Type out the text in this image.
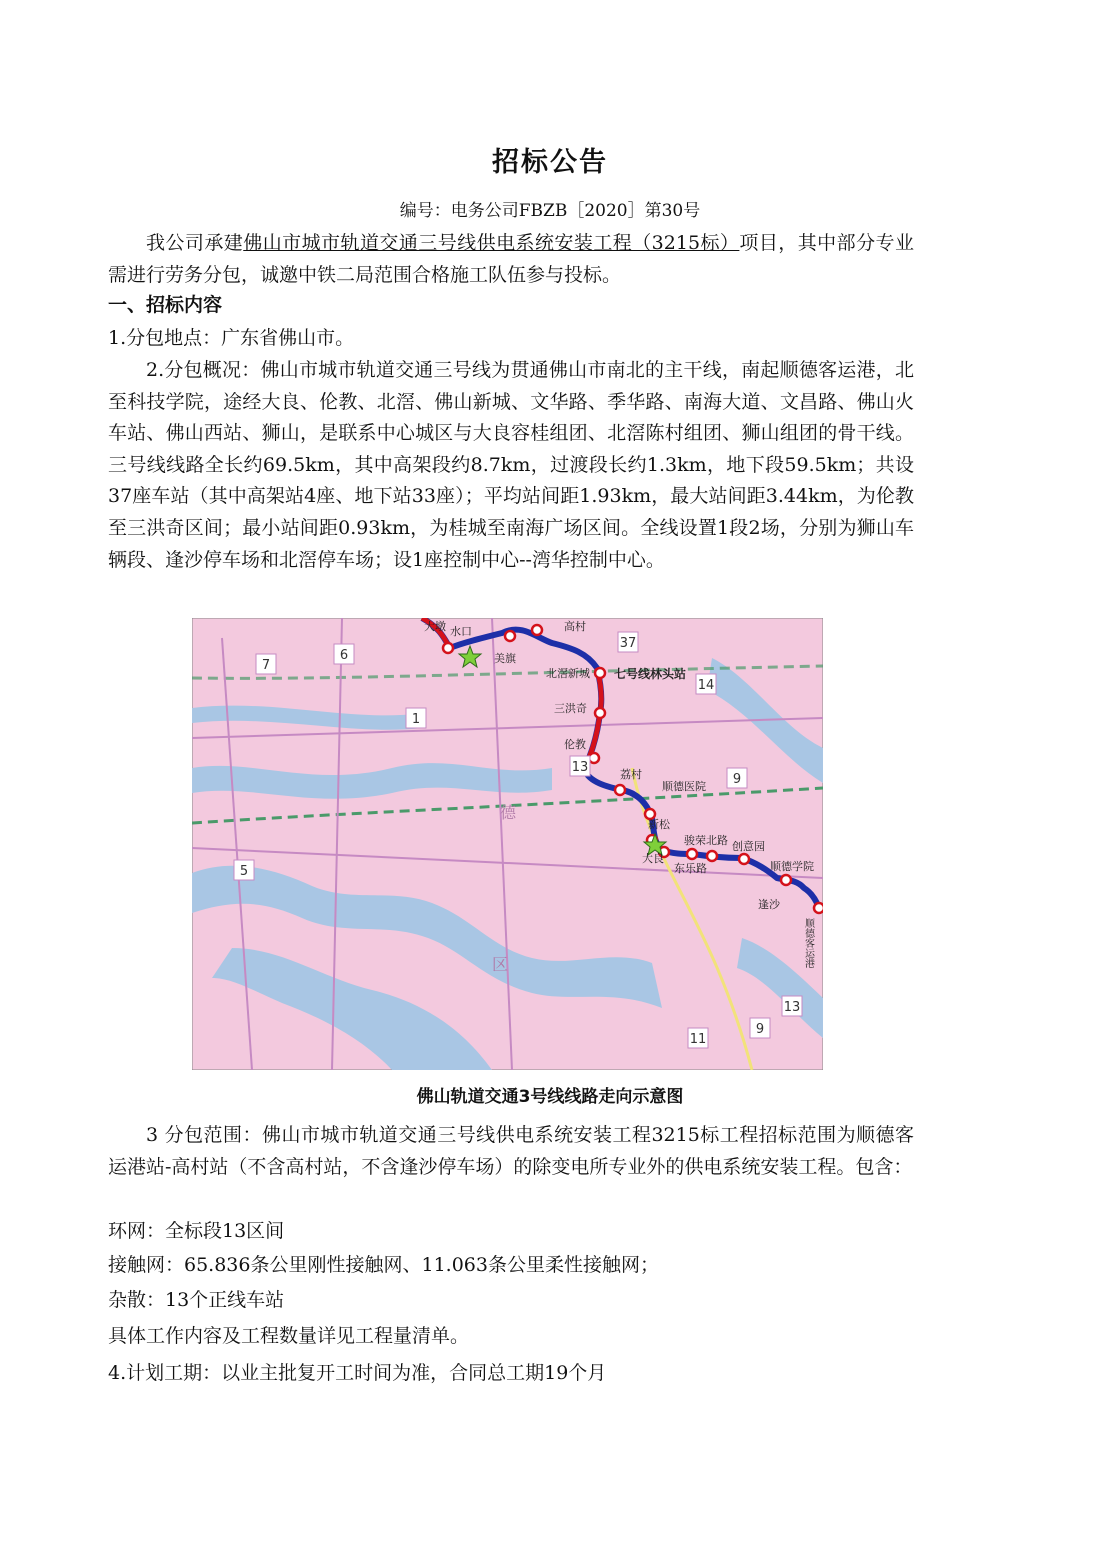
招标公告
编号：电务公司FBZB［2020］第30号
我公司承建佛山市城市轨道交通三号线供电系统安装工程（3215标）项目，其中部分专业需进行劳务分包，诚邀中铁二局范围合格施工队伍参与投标。
一、招标内容
1.分包地点：广东省佛山市。
2.分包概况：佛山市城市轨道交通三号线为贯通佛山市南北的主干线，南起顺德客运港，北至科技学院，途经大良、伦教、北滘、佛山新城、文华路、季华路、南海大道、文昌路、佛山火车站、佛山西站、狮山，是联系中心城区与大良容桂组团、北滘陈村组团、狮山组团的骨干线。三号线线路全长约69.5km，其中高架段约8.7km，过渡段长约1.3km，地下段59.5km；共设37座车站（其中高架站4座、地下站33座）；平均站间距1.93km，最大站间距3.44km，为伦教至三洪奇区间；最小站间距0.93km，为桂城至南海广场区间。全线设置1段2场，分别为狮山车辆段、逢沙停车场和北滘停车场；设1座控制中心--湾华控制中心。
7
6
1
5
13
9
14
37
13
9
11
大墩 水口
美旗
高村
北滘新城 七号线林头站
三洪奇
伦教
荔村
顺德医院
新松
大良
骏荣北路
东乐路
创意园
顺德学院
逢沙
顺德客运港
德
区
佛山轨道交通3号线线路走向示意图
3 分包范围：佛山市城市轨道交通三号线供电系统安装工程3215标工程招标范围为顺德客运港站-高村站（不含高村站，不含逢沙停车场）的除变电所专业外的供电系统安装工程。包含：
环网：全标段13区间
接触网：65.836条公里刚性接触网、11.063条公里柔性接触网；
杂散：13个正线车站
具体工作内容及工程数量详见工程量清单。
4.计划工期：以业主批复开工时间为准，合同总工期19个月
